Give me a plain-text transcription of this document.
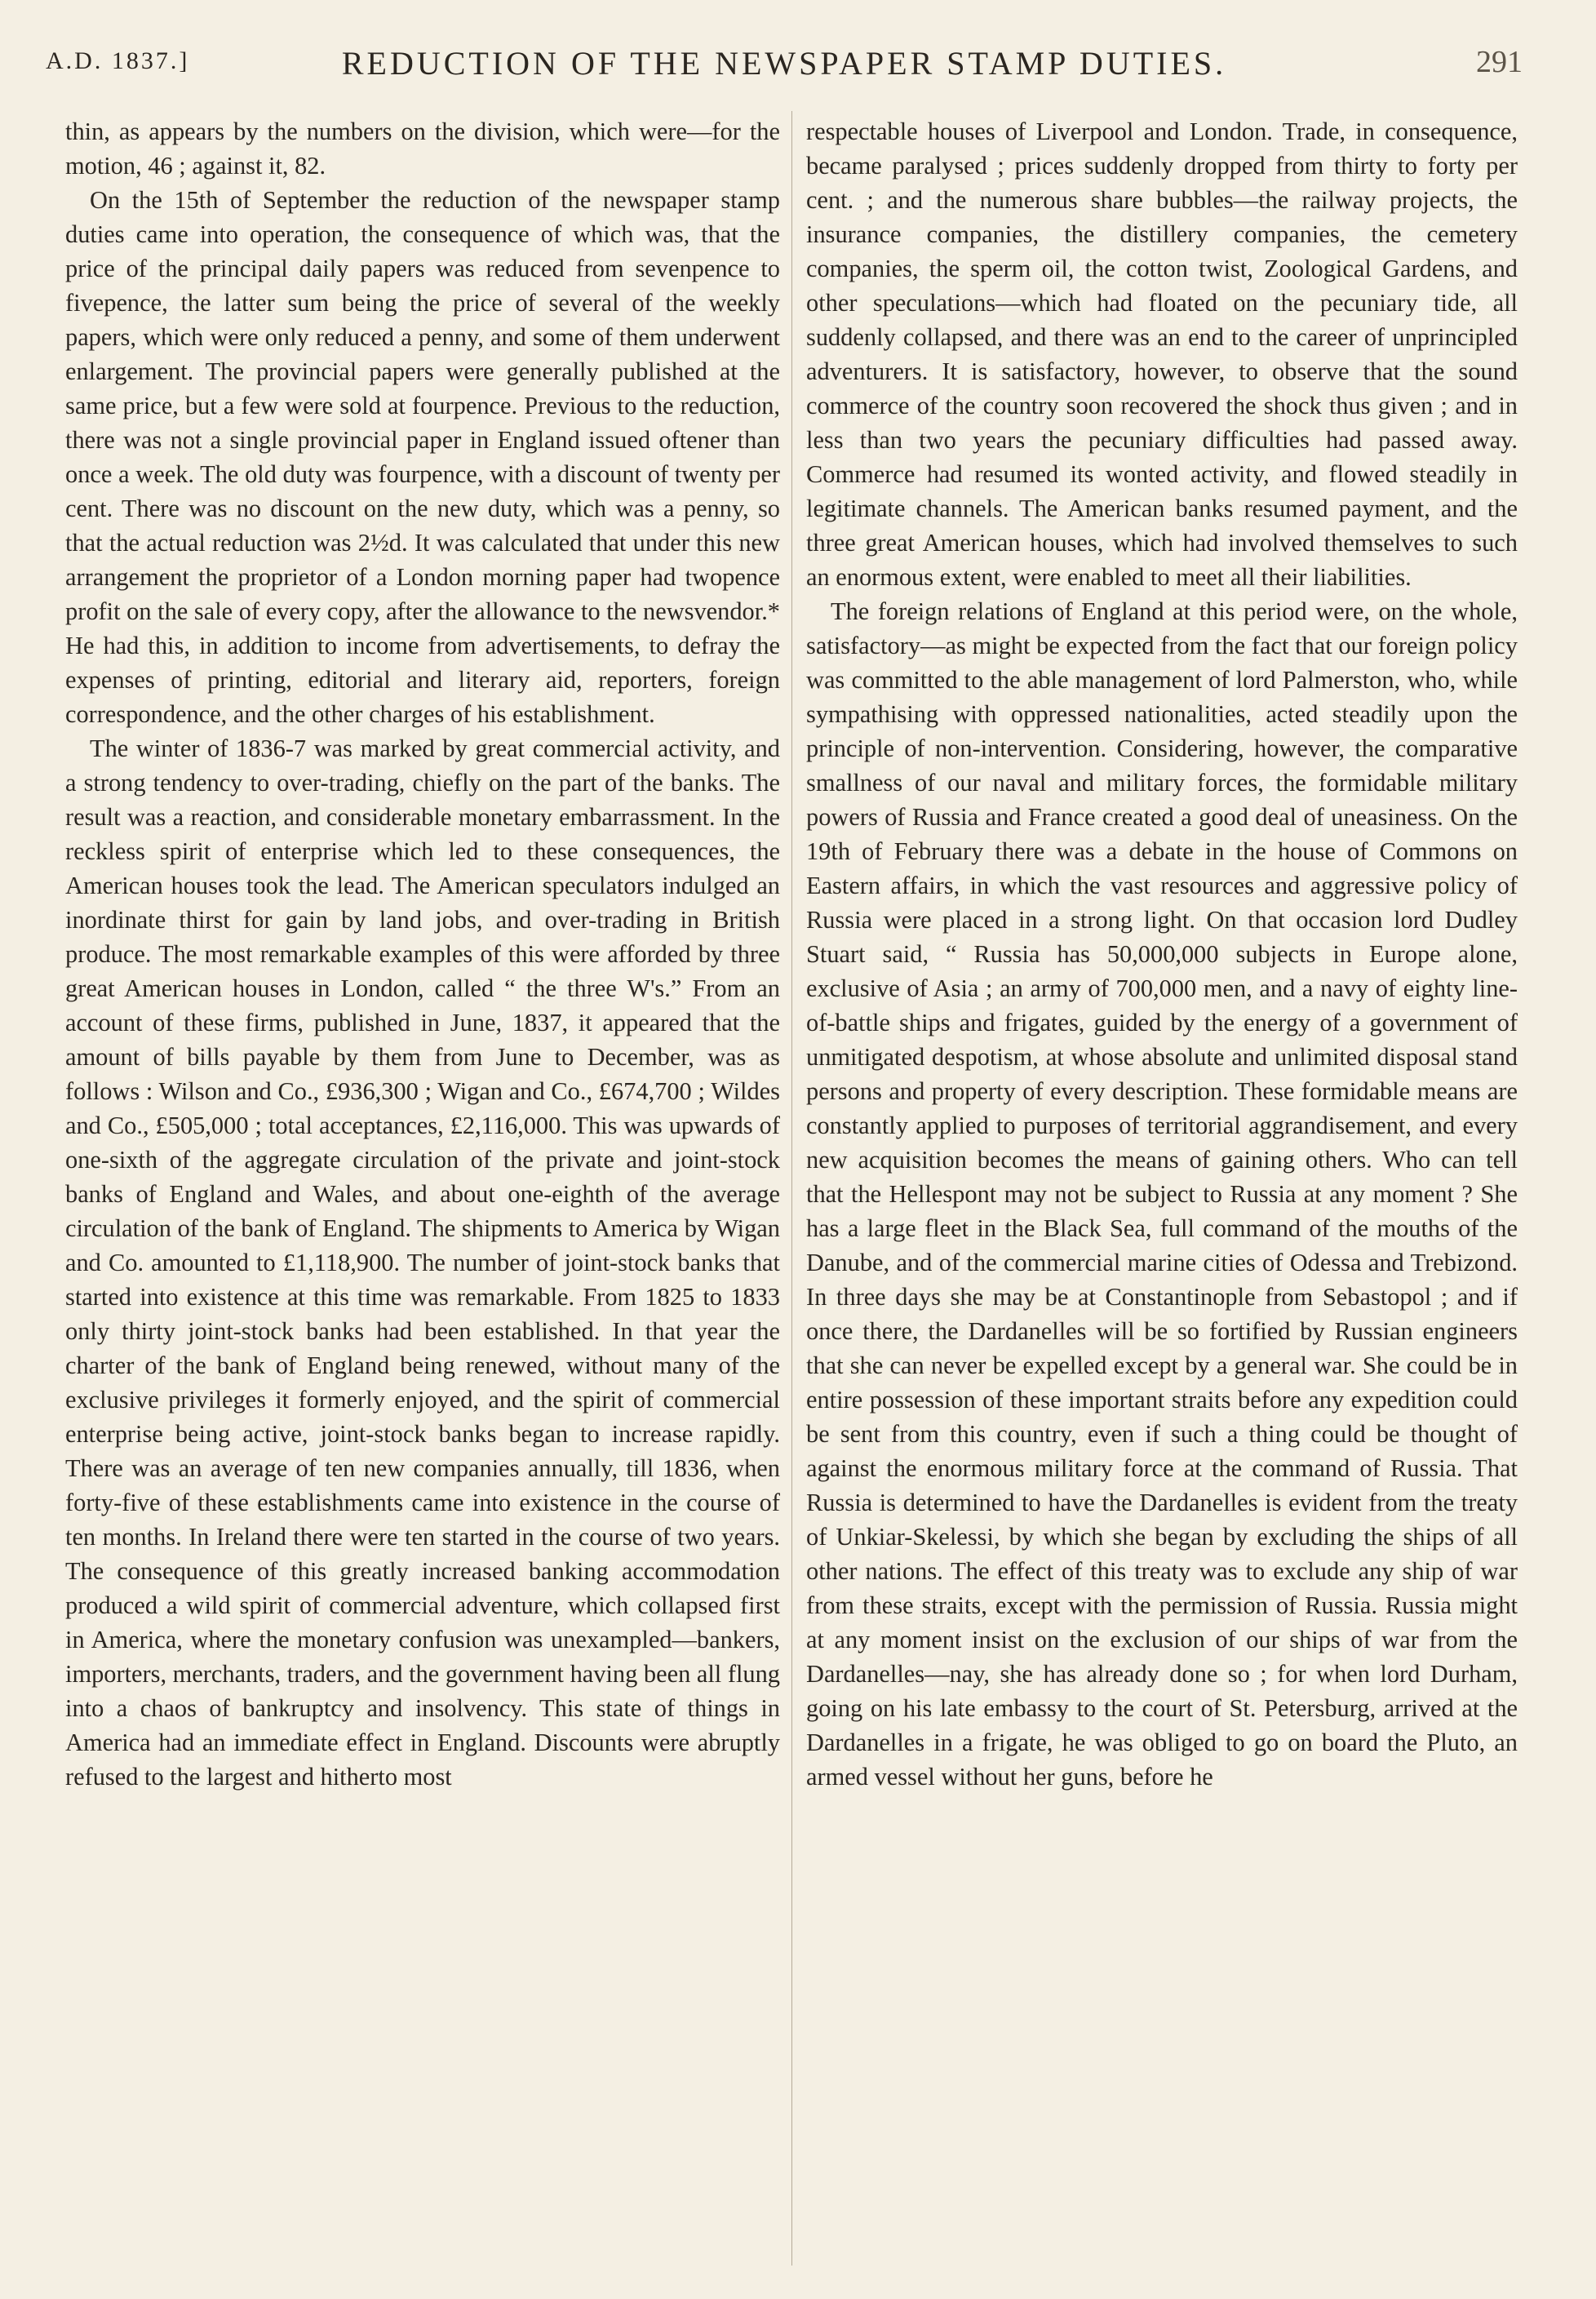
A.D. 1837.]	REDUCTION OF THE NEWSPAPER STAMP DUTIES.	291

thin, as appears by the numbers on the division, which were—for the motion, 46 ; against it, 82.

On the 15th of September the reduction of the newspaper stamp duties came into operation, the consequence of which was, that the price of the principal daily papers was reduced from sevenpence to fivepence, the latter sum being the price of several of the weekly papers, which were only reduced a penny, and some of them underwent enlargement. The provincial papers were generally published at the same price, but a few were sold at fourpence. Previous to the reduction, there was not a single provincial paper in England issued oftener than once a week. The old duty was fourpence, with a discount of twenty per cent. There was no discount on the new duty, which was a penny, so that the actual reduction was 2½d. It was calculated that under this new arrangement the proprietor of a London morning paper had twopence profit on the sale of every copy, after the allowance to the newsvendor.* He had this, in addition to income from advertisements, to defray the expenses of printing, editorial and literary aid, reporters, foreign correspondence, and the other charges of his establishment.

The winter of 1836-7 was marked by great commercial activity, and a strong tendency to over-trading, chiefly on the part of the banks. The result was a reaction, and considerable monetary embarrassment. In the reckless spirit of enterprise which led to these consequences, the American houses took the lead. The American speculators indulged an inordinate thirst for gain by land jobs, and over-trading in British produce. The most remarkable examples of this were afforded by three great American houses in London, called “ the three W's.” From an account of these firms, published in June, 1837, it appeared that the amount of bills payable by them from June to December, was as follows : Wilson and Co., £936,300 ; Wigan and Co., £674,700 ; Wildes and Co., £505,000 ; total acceptances, £2,116,000. This was upwards of one-sixth of the aggregate circulation of the private and joint-stock banks of England and Wales, and about one-eighth of the average circulation of the bank of England. The shipments to America by Wigan and Co. amounted to £1,118,900. The number of joint-stock banks that started into existence at this time was remarkable. From 1825 to 1833 only thirty joint-stock banks had been established. In that year the charter of the bank of England being renewed, without many of the exclusive privileges it formerly enjoyed, and the spirit of commercial enterprise being active, joint-stock banks began to increase rapidly. There was an average of ten new companies annually, till 1836, when forty-five of these establishments came into existence in the course of ten months. In Ireland there were ten started in the course of two years. The consequence of this greatly increased banking accommodation produced a wild spirit of commercial adventure, which collapsed first in America, where the monetary confusion was unexampled—bankers, importers, merchants, traders, and the government having been all flung into a chaos of bankruptcy and insolvency. This state of things in America had an immediate effect in England. Discounts were abruptly refused to the largest and hitherto most

respectable houses of Liverpool and London. Trade, in consequence, became paralysed ; prices suddenly dropped from thirty to forty per cent. ; and the numerous share bubbles—the railway projects, the insurance companies, the distillery companies, the cemetery companies, the sperm oil, the cotton twist, Zoological Gardens, and other speculations—which had floated on the pecuniary tide, all suddenly collapsed, and there was an end to the career of unprincipled adventurers. It is satisfactory, however, to observe that the sound commerce of the country soon recovered the shock thus given ; and in less than two years the pecuniary difficulties had passed away. Commerce had resumed its wonted activity, and flowed steadily in legitimate channels. The American banks resumed payment, and the three great American houses, which had involved themselves to such an enormous extent, were enabled to meet all their liabilities.

The foreign relations of England at this period were, on the whole, satisfactory—as might be expected from the fact that our foreign policy was committed to the able management of lord Palmerston, who, while sympathising with oppressed nationalities, acted steadily upon the principle of non-intervention. Considering, however, the comparative smallness of our naval and military forces, the formidable military powers of Russia and France created a good deal of uneasiness. On the 19th of February there was a debate in the house of Commons on Eastern affairs, in which the vast resources and aggressive policy of Russia were placed in a strong light. On that occasion lord Dudley Stuart said, “ Russia has 50,000,000 subjects in Europe alone, exclusive of Asia ; an army of 700,000 men, and a navy of eighty line-of-battle ships and frigates, guided by the energy of a government of unmitigated despotism, at whose absolute and unlimited disposal stand persons and property of every description. These formidable means are constantly applied to purposes of territorial aggrandisement, and every new acquisition becomes the means of gaining others. Who can tell that the Hellespont may not be subject to Russia at any moment ? She has a large fleet in the Black Sea, full command of the mouths of the Danube, and of the commercial marine cities of Odessa and Trebizond. In three days she may be at Constantinople from Sebastopol ; and if once there, the Dardanelles will be so fortified by Russian engineers that she can never be expelled except by a general war. She could be in entire possession of these important straits before any expedition could be sent from this country, even if such a thing could be thought of against the enormous military force at the command of Russia. That Russia is determined to have the Dardanelles is evident from the treaty of Unkiar-Skelessi, by which she began by excluding the ships of all other nations. The effect of this treaty was to exclude any ship of war from these straits, except with the permission of Russia. Russia might at any moment insist on the exclusion of our ships of war from the Dardanelles—nay, she has already done so ; for when lord Durham, going on his late embassy to the court of St. Petersburg, arrived at the Dardanelles in a frigate, he was obliged to go on board the Pluto, an armed vessel without her guns, before he
